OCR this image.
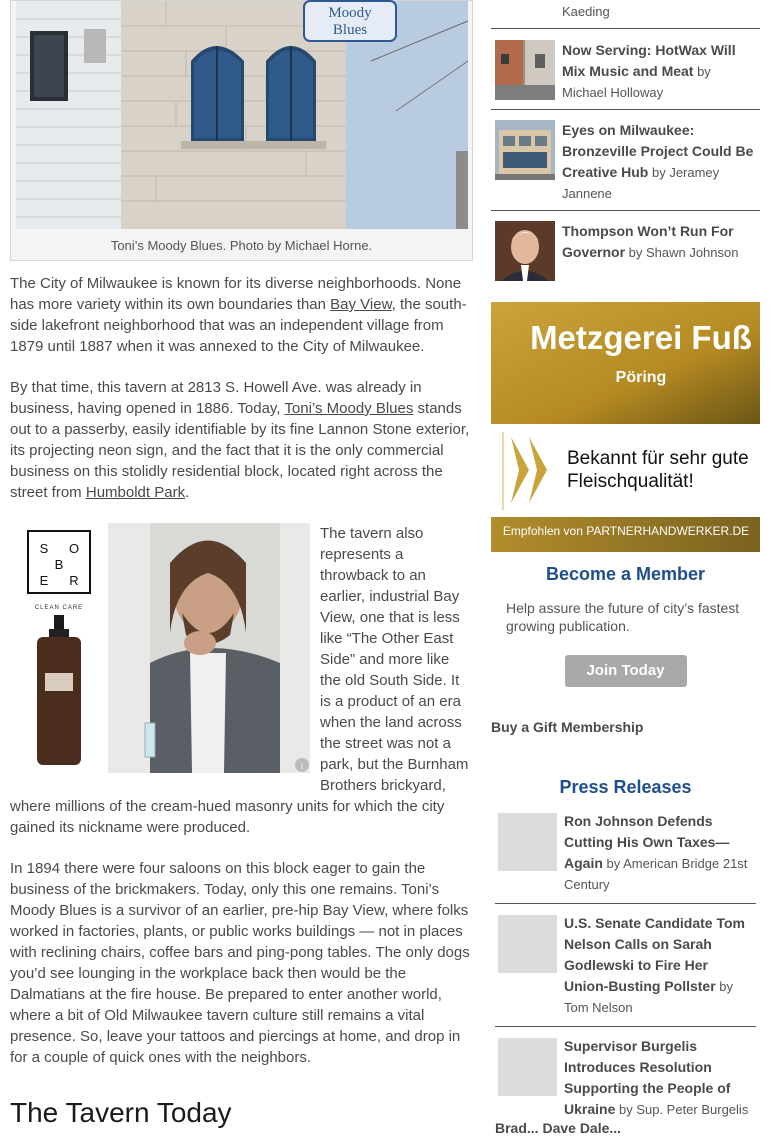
Moody
Blues
Toni’s Moody Blues. Photo by Michael Horne.

The City of Milwaukee is known for its diverse neighborhoods. None has more variety within its own boundaries than Bay View, the south-side lakefront neighborhood that was an independent village from 1879 until 1887 when it was annexed to the City of Milwaukee.

By that time, this tavern at 2813 S. Howell Ave. was already in business, having opened in 1886. Today, Toni’s Moody Blues stands out to a passerby, easily identifiable by its fine Lannon Stone exterior, its projecting neon sign, and the fact that it is the only commercial business on this stolidly residential block, located right across the street from Humboldt Park.

S O
B
E R
CLEAN CARE
i
The tavern also represents a throwback to an earlier, industrial Bay View, one that is less like “The Other East Side” and more like the old South Side. It is a product of an era when the land across the street was not a park, but the Burnham Brothers brickyard, where millions of the cream-hued masonry units for which the city gained its nickname were produced.

In 1894 there were four saloons on this block eager to gain the business of the brickmakers. Today, only this one remains. Toni’s Moody Blues is a survivor of an earlier, pre-hip Bay View, where folks worked in factories, plants, or public works buildings — not in places with reclining chairs, coffee bars and ping-pong tables. The only dogs you’d see lounging in the workplace back then would be the Dalmatians at the fire house. Be prepared to enter another world, where a bit of Old Milwaukee tavern culture still remains a vital presence. So, leave your tattoos and piercings at home, and drop in for a couple of quick ones with the neighbors.

The Tavern Today
Kaeding
Now Serving: HotWax Will Mix Music and Meat by Michael Holloway
Eyes on Milwaukee: Bronzeville Project Could Be Creative Hub by Jeramey Jannene
Thompson Won’t Run For Governor by Shawn Johnson
Metzgerei Fuß
Pöring
Bekannt für sehr gute
Fleischqualität!
Empfohlen von PARTNERHANDWERKER.DE
Become a Member

Help assure the future of city’s fastest growing publication.

Join Today
Buy a Gift Membership
Press Releases
Ron Johnson Defends Cutting His Own Taxes—Again by American Bridge 21st Century
U.S. Senate Candidate Tom Nelson Calls on Sarah Godlewski to Fire Her Union-Busting Pollster by Tom Nelson
Supervisor Burgelis Introduces Resolution Supporting the People of Ukraine by Sup. Peter Burgelis
Brad... Dave Dale...
